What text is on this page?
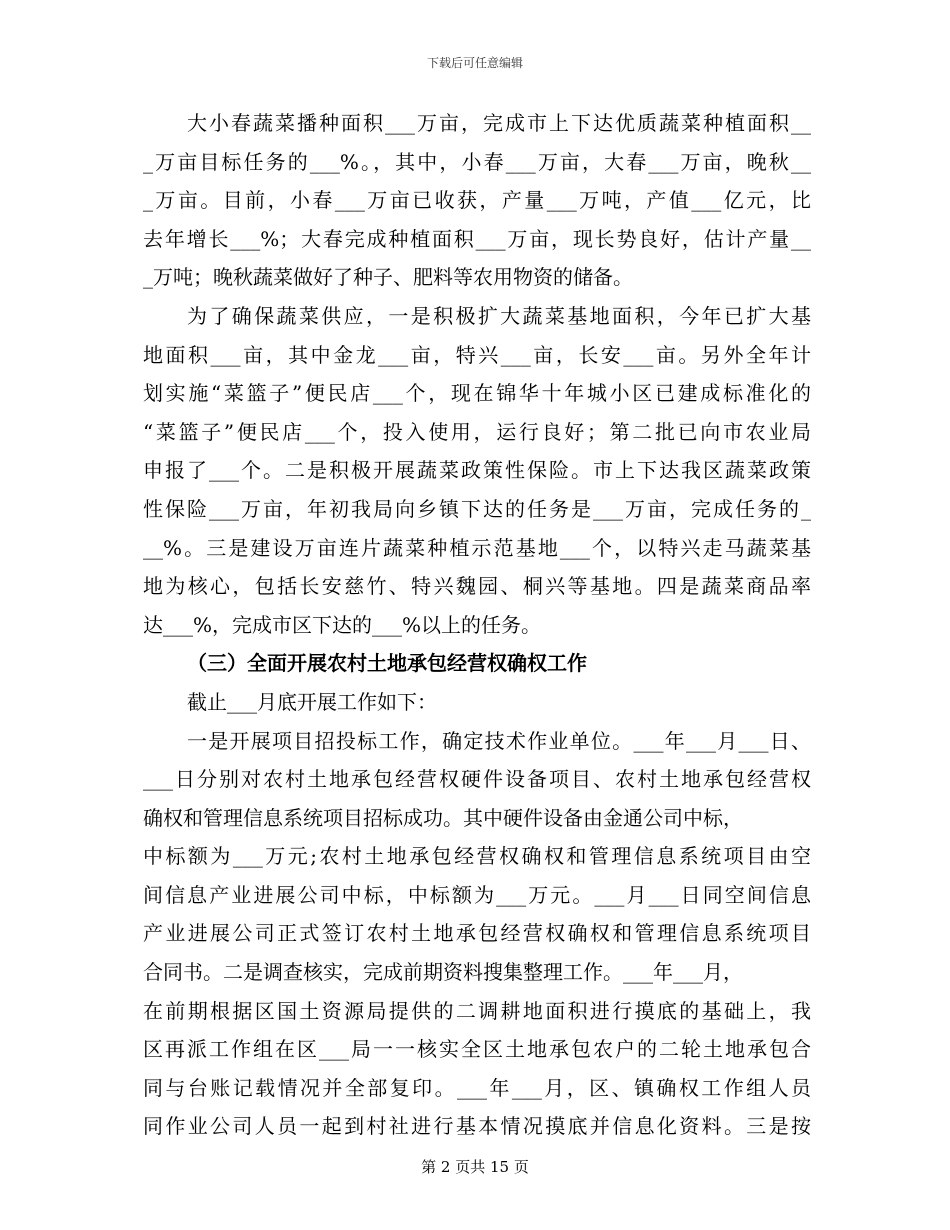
下载后可任意编辑
大小春蔬菜播种面积___万亩，完成市上下达优质蔬菜种植面积__
_万亩目标任务的___%。，其中，小春___万亩，大春___万亩，晚秋__
_万亩。目前，小春___万亩已收获，产量___万吨，产值___亿元，比
去年增长___%；大春完成种植面积___万亩，现长势良好，估计产量__
_万吨；晚秋蔬菜做好了种子、肥料等农用物资的储备。
为了确保蔬菜供应，一是积极扩大蔬菜基地面积，今年已扩大基
地面积___亩，其中金龙___亩，特兴___亩，长安___亩。另外全年计
划实施“菜篮子”便民店___个，现在锦华十年城小区已建成标准化的
“菜篮子”便民店___个，投入使用，运行良好；第二批已向市农业局
申报了___个。二是积极开展蔬菜政策性保险。市上下达我区蔬菜政策
性保险___万亩，年初我局向乡镇下达的任务是___万亩，完成任务的_
__%。三是建设万亩连片蔬菜种植示范基地___个，以特兴走马蔬菜基
地为核心，包括长安慈竹、特兴魏园、桐兴等基地。四是蔬菜商品率
达___%，完成市区下达的___%以上的任务。
（三）全面开展农村土地承包经营权确权工作
截止___月底开展工作如下：
一是开展项目招投标工作，确定技术作业单位。___年___月___日、
___日分别对农村土地承包经营权硬件设备项目、农村土地承包经营权
确权和管理信息系统项目招标成功。其中硬件设备由金通公司中标，
中标额为___万元;农村土地承包经营权确权和管理信息系统项目由空
间信息产业进展公司中标，中标额为___万元。___月___日同空间信息
产业进展公司正式签订农村土地承包经营权确权和管理信息系统项目
合同书。二是调查核实，完成前期资料搜集整理工作。___年___月，
在前期根据区国土资源局提供的二调耕地面积进行摸底的基础上，我
区再派工作组在区___局一一核实全区土地承包农户的二轮土地承包合
同与台账记载情况并全部复印。___年___月，区、镇确权工作组人员
同作业公司人员一起到村社进行基本情况摸底并信息化资料。三是按
第 2 页共 15 页
